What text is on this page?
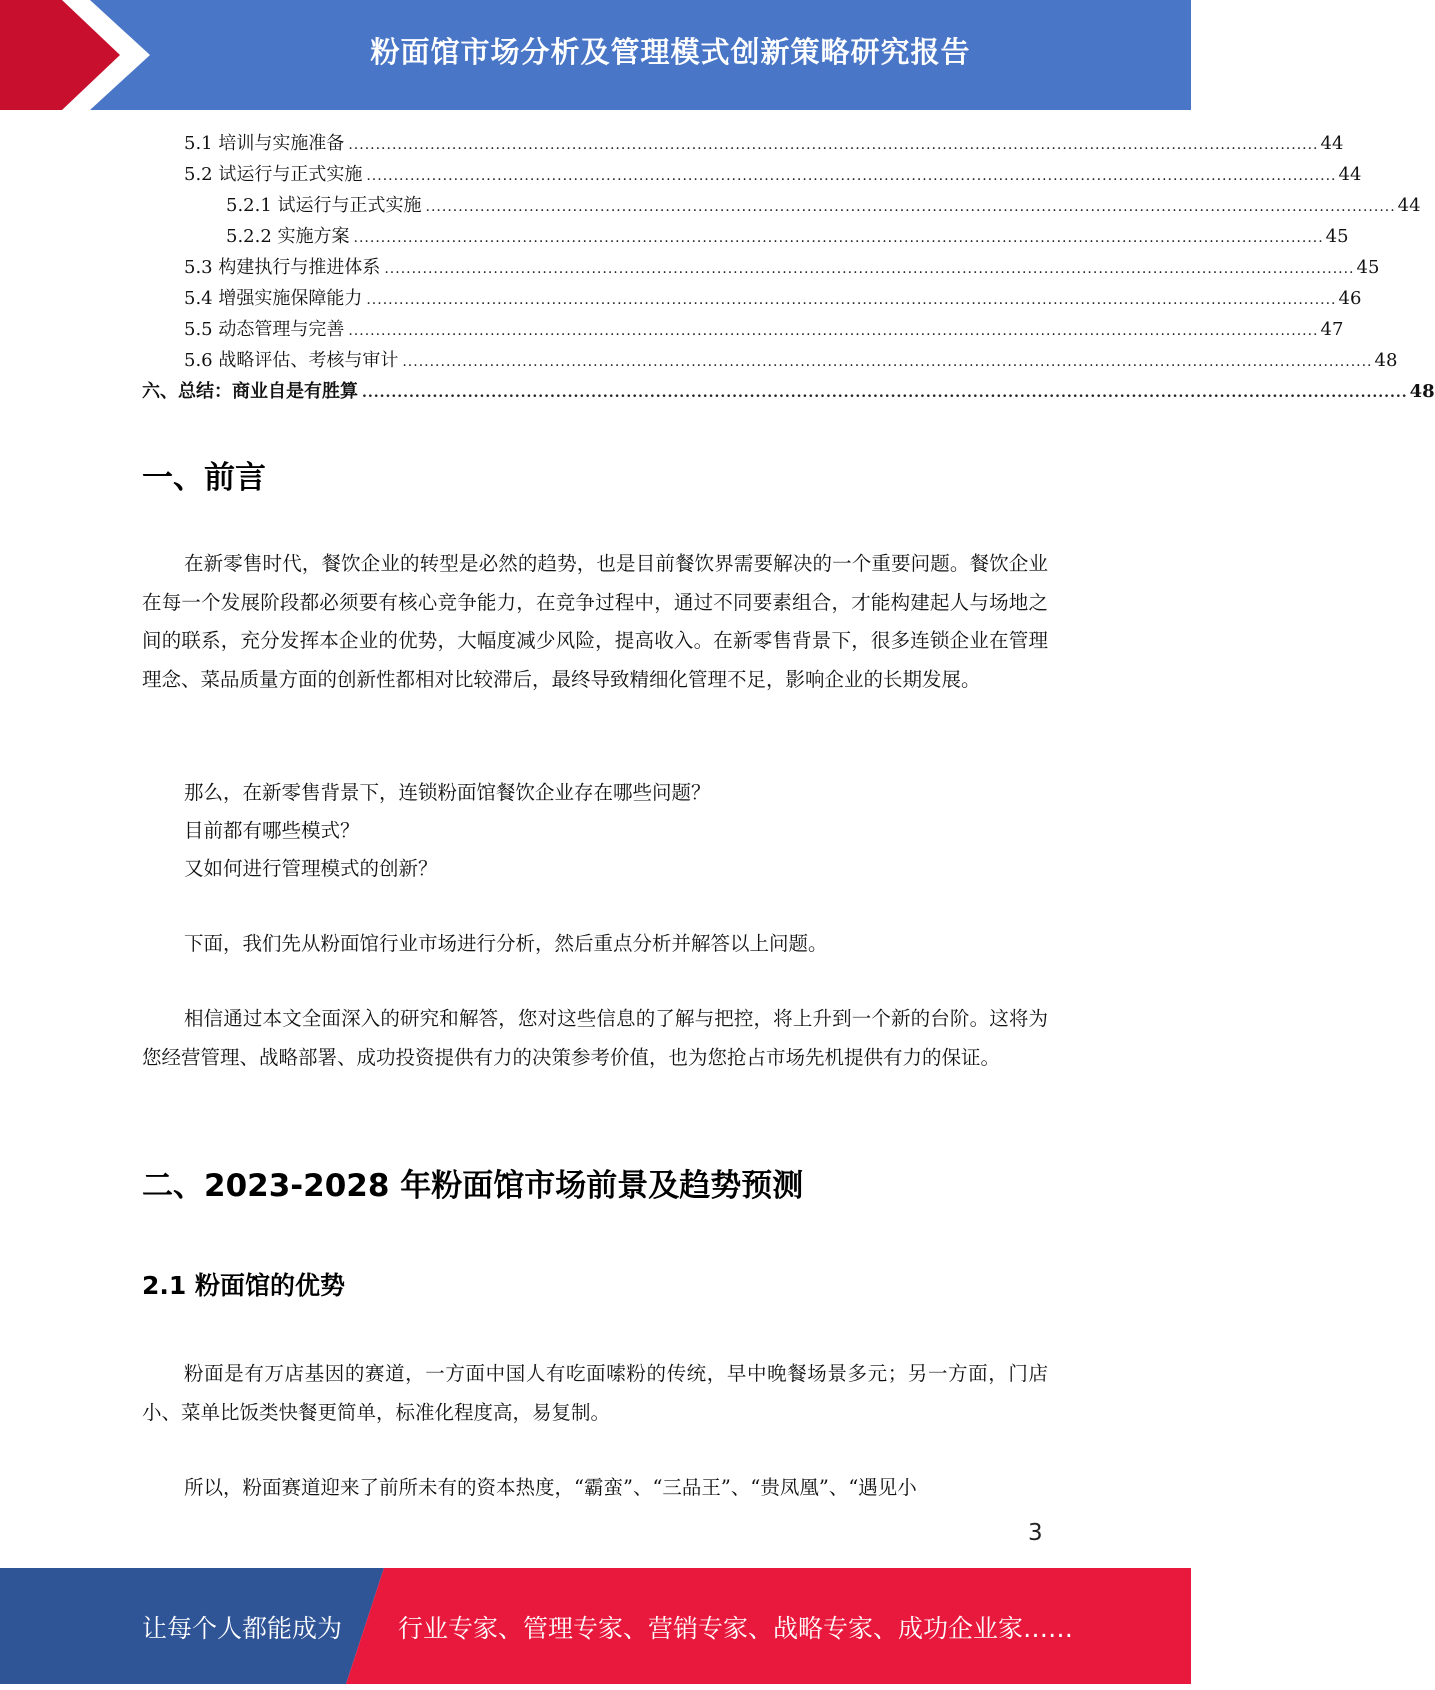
粉面馆市场分析及管理模式创新策略研究报告
5.1 培训与实施准备 .................................................................................................................................................................................. 44
5.2 试运行与正式实施 .................................................................................................................................................................................. 44
5.2.1 试运行与正式实施 .................................................................................................................................................................................. 44
5.2.2 实施方案 .................................................................................................................................................................................. 45
5.3 构建执行与推进体系 .................................................................................................................................................................................. 45
5.4 增强实施保障能力 .................................................................................................................................................................................. 46
5.5 动态管理与完善 .................................................................................................................................................................................. 47
5.6 战略评估、考核与审计 .................................................................................................................................................................................. 48
六、总结：商业自是有胜算 .................................................................................................................................................................................. 48
一、前言

在新零售时代，餐饮企业的转型是必然的趋势，也是目前餐饮界需要解决的一个重要问题。餐饮企业在每一个发展阶段都必须要有核心竞争能力，在竞争过程中，通过不同要素组合，才能构建起人与场地之间的联系，充分发挥本企业的优势，大幅度减少风险，提高收入。在新零售背景下，很多连锁企业在管理理念、菜品质量方面的创新性都相对比较滞后，最终导致精细化管理不足，影响企业的长期发展。

那么，在新零售背景下，连锁粉面馆餐饮企业存在哪些问题？

目前都有哪些模式？

又如何进行管理模式的创新？

下面，我们先从粉面馆行业市场进行分析，然后重点分析并解答以上问题。

相信通过本文全面深入的研究和解答，您对这些信息的了解与把控，将上升到一个新的台阶。这将为您经营管理、战略部署、成功投资提供有力的决策参考价值，也为您抢占市场先机提供有力的保证。

二、2023-2028 年粉面馆市场前景及趋势预测
2.1 粉面馆的优势

粉面是有万店基因的赛道，一方面中国人有吃面嗦粉的传统，早中晚餐场景多元；另一方面，门店小、菜单比饭类快餐更简单，标准化程度高，易复制。

所以，粉面赛道迎来了前所未有的资本热度，“霸蛮”、“三品王”、“贵凤凰”、“遇见小

3
让每个人都能成为 行业专家、管理专家、营销专家、战略专家、成功企业家……
